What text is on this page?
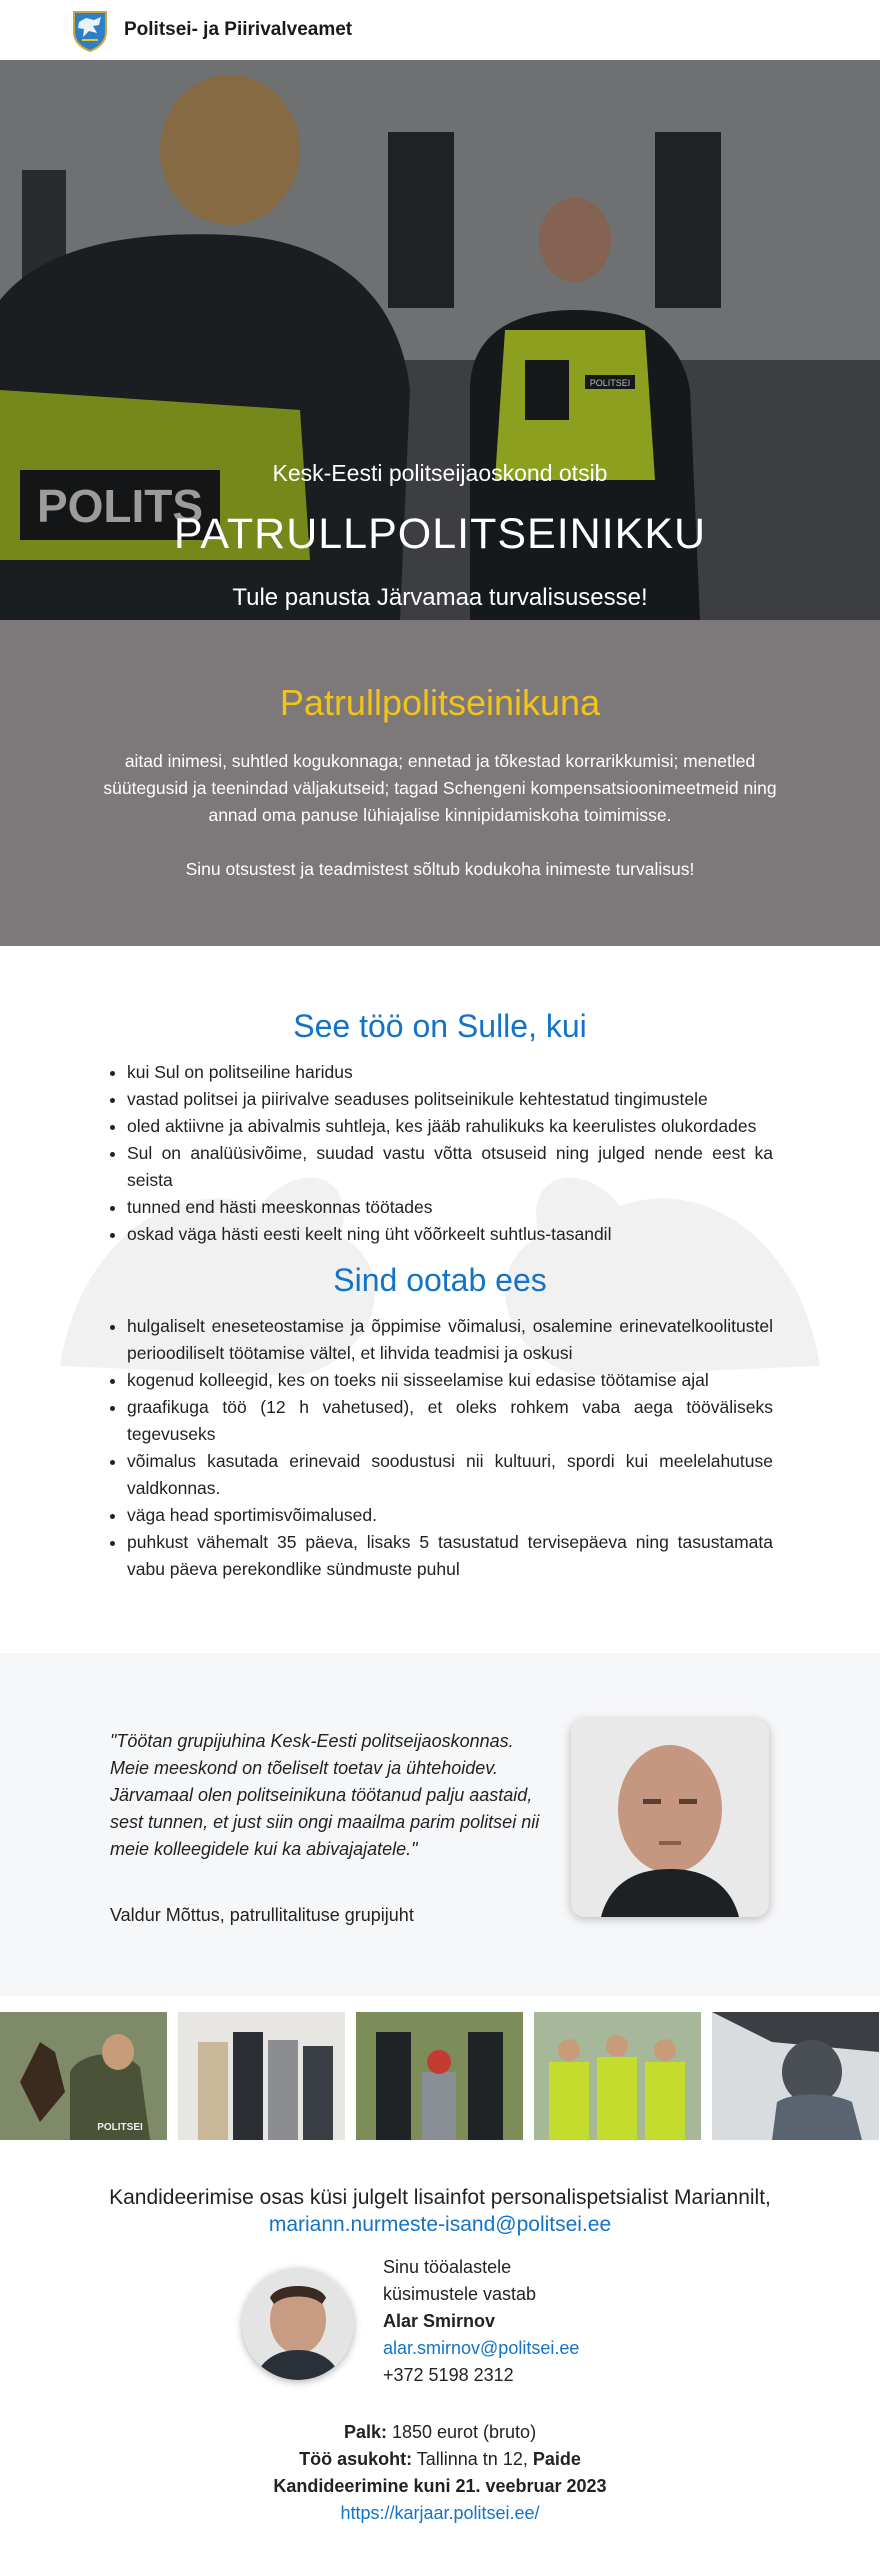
Politsei- ja Piirivalveamet
POLITSEI
POLITS
Kesk-Eesti politseijaoskond otsib
PATRULLPOLITSEINIKKU
Tule panusta Järvamaa turvalisusesse!
Patrullpolitseinikuna

aitad inimesi, suhtled kogukonnaga; ennetad ja tõkestad korrarikkumisi; menetled süütegusid ja teenindad väljakutseid; tagad Schengeni kompensatsioonimeetmeid ning annad oma panuse lühiajalise kinnipidamiskoha toimimisse.

Sinu otsustest ja teadmistest sõltub kodukoha inimeste turvalisus!

See töö on Sulle, kui
• kui Sul on politseiline haridus
• vastad politsei ja piirivalve seaduses politseinikule kehtestatud tingimustele
• oled aktiivne ja abivalmis suhtleja, kes jääb rahulikuks ka keerulistes olukordades
• Sul on analüüsivõime, suudad vastu võtta otsuseid ning julged nende eest ka seista
• tunned end hästi meeskonnas töötades
• oskad väga hästi eesti keelt ning üht võõrkeelt suhtlus-tasandil
Sind ootab ees
• hulgaliselt eneseteostamise ja õppimise võimalusi, osalemine erinevatelkoolitustel perioodiliselt töötamise vältel, et lihvida teadmisi ja oskusi
• kogenud kolleegid, kes on toeks nii sisseelamise kui edasise töötamise ajal
• graafikuga töö (12 h vahetused), et oleks rohkem vaba aega tööväliseks tegevuseks
• võimalus kasutada erinevaid soodustusi nii kultuuri, spordi kui meelelahutuse valdkonnas.
• väga head sportimisvõimalused.
• puhkust vähemalt 35 päeva, lisaks 5 tasustatud tervisepäeva ning tasustamata vabu päeva perekondlike sündmuste puhul
"Töötan grupijuhina Kesk-Eesti politseijaoskonnas. Meie meeskond on tõeliselt toetav ja ühtehoidev. Järvamaal olen politseinikuna töötanud palju aastaid, sest tunnen, et just siin ongi maailma parim politsei nii meie kolleegidele kui ka abivajajatele."
Valdur Mõttus, patrullitalituse grupijuht
POLITSEI
Kandideerimise osas küsi julgelt lisainfot personalispetsialist Mariannilt,
mariann.nurmeste-isand@politsei.ee
Sinu tööalastele küsimustele vastab
Alar Smirnov
alar.smirnov@politsei.ee
+372 5198 2312
Palk: 1850 eurot (bruto)
Töö asukoht: Tallinna tn 12, Paide
Kandideerimine kuni 21. veebruar 2023
https://karjaar.politsei.ee/
